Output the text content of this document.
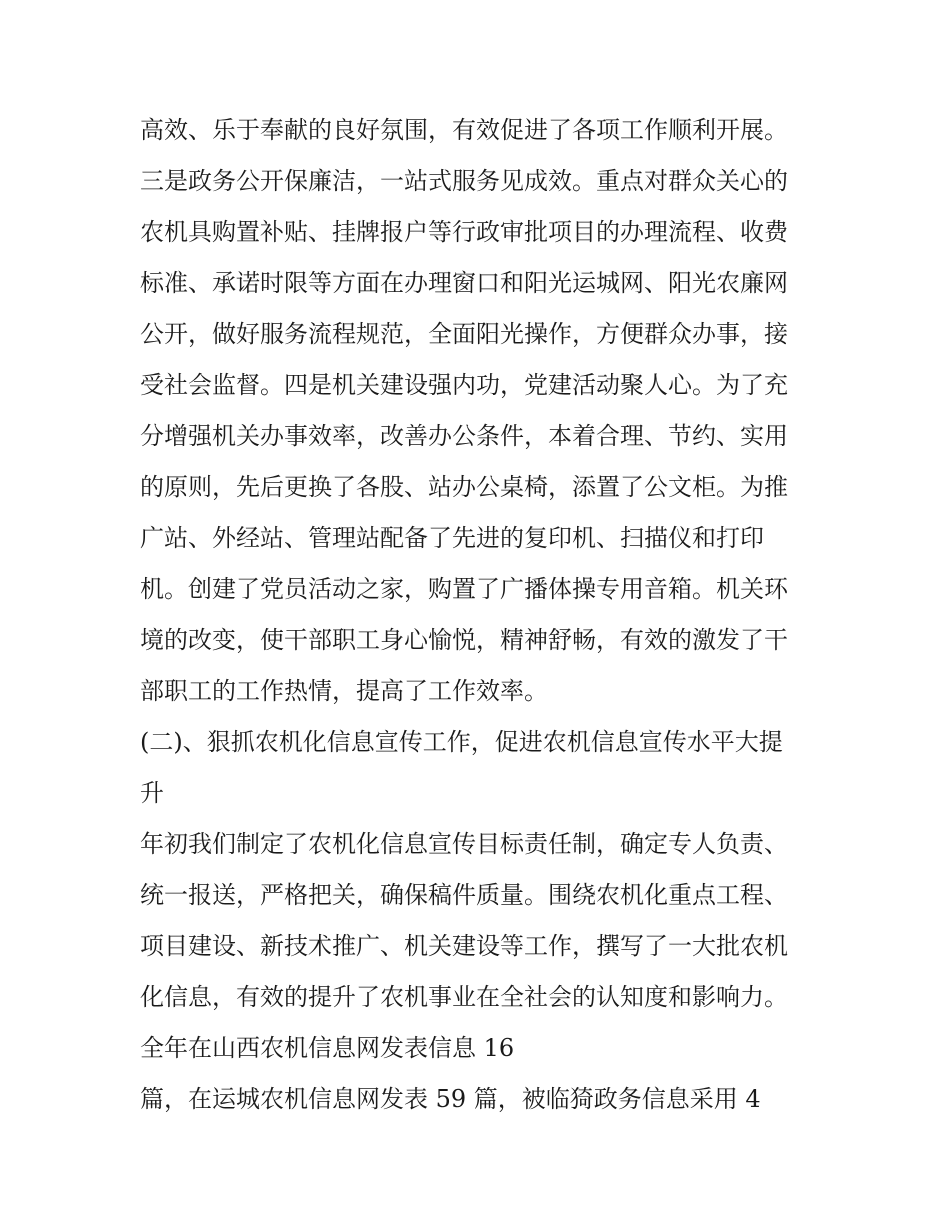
高效、乐于奉献的良好氛围，有效促进了各项工作顺利开展。
三是政务公开保廉洁，一站式服务见成效。重点对群众关心的
农机具购置补贴、挂牌报户等行政审批项目的办理流程、收费
标准、承诺时限等方面在办理窗口和阳光运城网、阳光农廉网
公开，做好服务流程规范，全面阳光操作，方便群众办事，接
受社会监督。四是机关建设强内功，党建活动聚人心。为了充
分增强机关办事效率，改善办公条件，本着合理、节约、实用
的原则，先后更换了各股、站办公桌椅，添置了公文柜。为推
广站、外经站、管理站配备了先进的复印机、扫描仪和打印
机。创建了党员活动之家，购置了广播体操专用音箱。机关环
境的改变，使干部职工身心愉悦，精神舒畅，有效的激发了干
部职工的工作热情，提高了工作效率。
(二)、狠抓农机化信息宣传工作，促进农机信息宣传水平大提
升
年初我们制定了农机化信息宣传目标责任制，确定专人负责、
统一报送，严格把关，确保稿件质量。围绕农机化重点工程、
项目建设、新技术推广、机关建设等工作，撰写了一大批农机
化信息，有效的提升了农机事业在全社会的认知度和影响力。
全年在山西农机信息网发表信息 16
篇，在运城农机信息网发表 59 篇，被临猗政务信息采用 4
